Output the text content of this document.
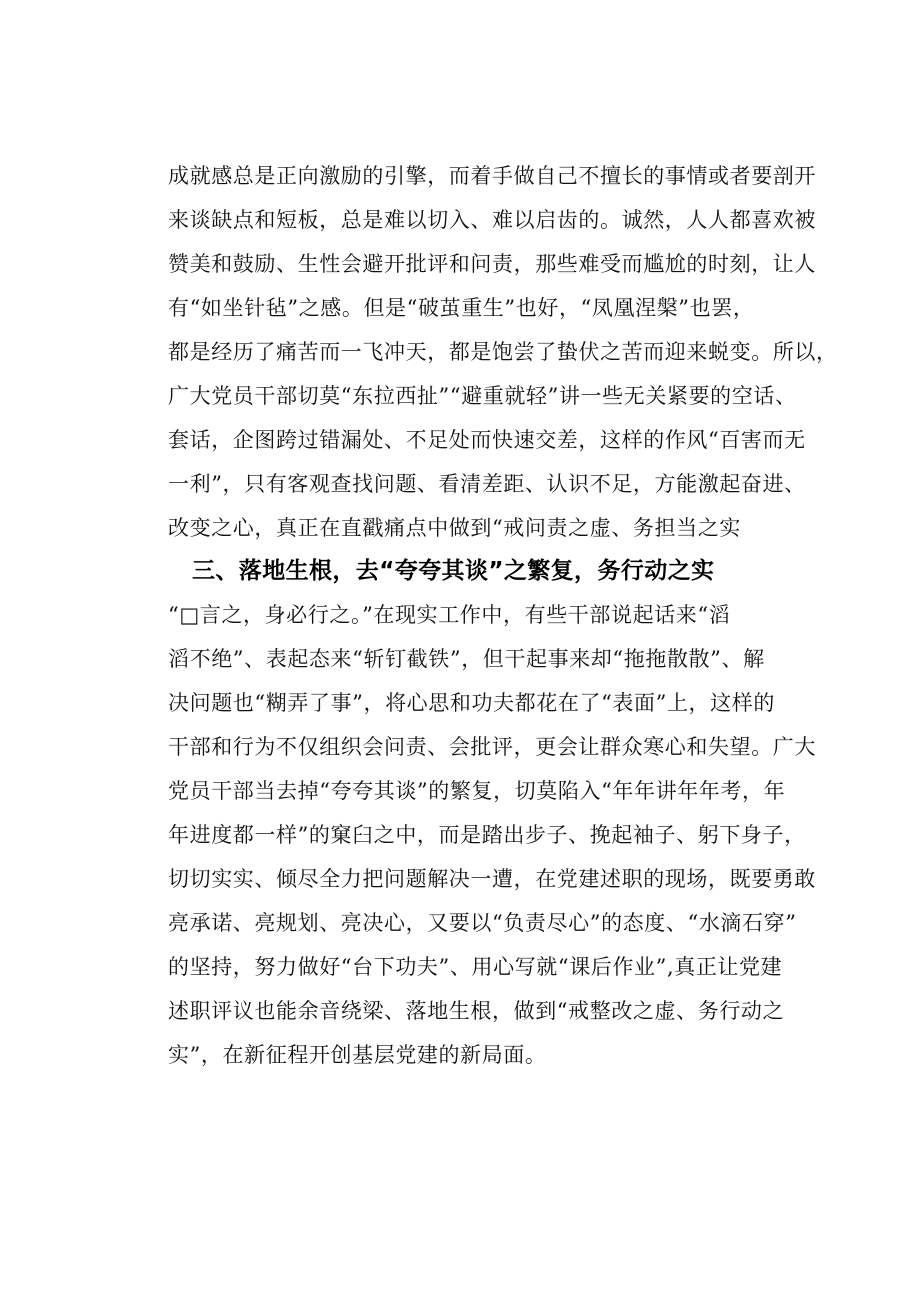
成就感总是正向激励的引擎，而着手做自己不擅长的事情或者要剖开
来谈缺点和短板，总是难以切入、难以启齿的。诚然，人人都喜欢被
赞美和鼓励、生性会避开批评和问责，那些难受而尴尬的时刻，让人
有“如坐针毡”之感。但是“破茧重生”也好，“凤凰涅槃”也罢，
都是经历了痛苦而一飞冲天，都是饱尝了蛰伏之苦而迎来蜕变。所以，
广大党员干部切莫“东拉西扯”“避重就轻”讲一些无关紧要的空话、
套话，企图跨过错漏处、不足处而快速交差，这样的作风“百害而无
一利”，只有客观查找问题、看清差距、认识不足，方能激起奋进、
改变之心，真正在直戳痛点中做到“戒问责之虚、务担当之实
三、落地生根，去“夸夸其谈”之繁复，务行动之实
“□言之，身必行之。”在现实工作中，有些干部说起话来“滔
滔不绝”、表起态来“斩钉截铁”，但干起事来却“拖拖散散”、解
决问题也“糊弄了事”，将心思和功夫都花在了“表面”上，这样的
干部和行为不仅组织会问责、会批评，更会让群众寒心和失望。广大
党员干部当去掉“夸夸其谈”的繁复，切莫陷入“年年讲年年考，年
年进度都一样”的窠臼之中，而是踏出步子、挽起袖子、躬下身子，
切切实实、倾尽全力把问题解决一遭，在党建述职的现场，既要勇敢
亮承诺、亮规划、亮决心，又要以“负责尽心”的态度、“水滴石穿”
的坚持，努力做好“台下功夫”、用心写就“课后作业”,真正让党建
述职评议也能余音绕梁、落地生根，做到“戒整改之虚、务行动之
实”，在新征程开创基层党建的新局面。
